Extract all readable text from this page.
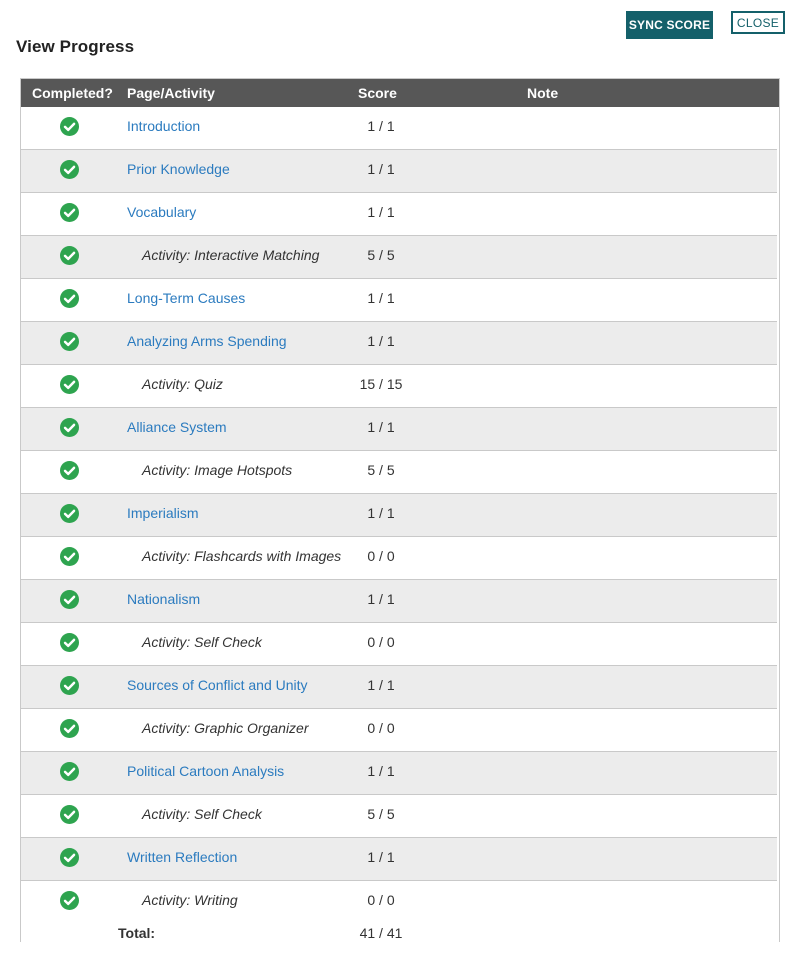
View Progress
SYNC SCORE	CLOSE
Completed? Page/Activity	Score	Note
Introduction	1 / 1
Prior Knowledge	1 / 1
Vocabulary	1 / 1
Activity: Interactive Matching	5 / 5
Long-Term Causes	1 / 1
Analyzing Arms Spending	1 / 1
Activity: Quiz	15 / 15
Alliance System	1 / 1
Activity: Image Hotspots	5 / 5
Imperialism	1 / 1
Activity: Flashcards with Images	0 / 0
Nationalism	1 / 1
Activity: Self Check	0 / 0
Sources of Conflict and Unity	1 / 1
Activity: Graphic Organizer	0 / 0
Political Cartoon Analysis	1 / 1
Activity: Self Check	5 / 5
Written Reflection	1 / 1
Activity: Writing	0 / 0
Total:	41 / 41
